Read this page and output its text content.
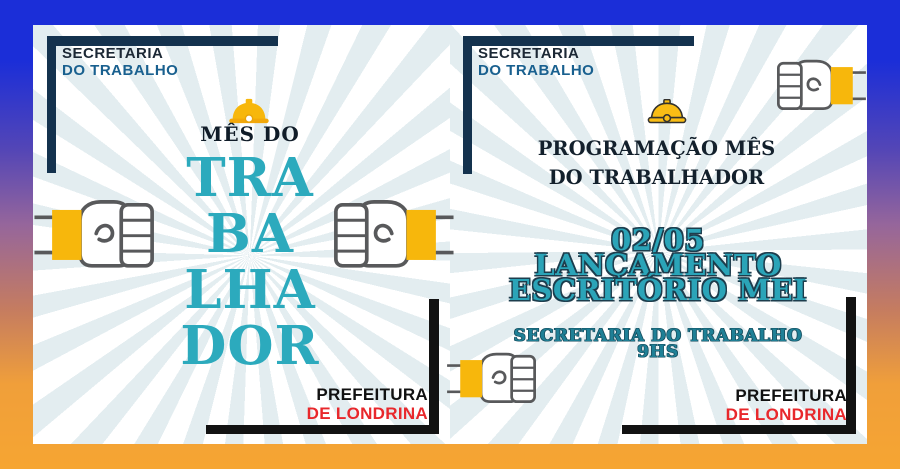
SECRETARIA
DO TRABALHO
MÊS DO
TRA
BA
LHA
DOR
PREFEITURA
DE LONDRINA
SECRETARIA
DO TRABALHO
PROGRAMAÇÃO MÊS
DO TRABALHADOR
02/05
LANÇAMENTO
ESCRITÓRIO MEI
SECRETARIA DO TRABALHO
9HS
PREFEITURA
DE LONDRINA
